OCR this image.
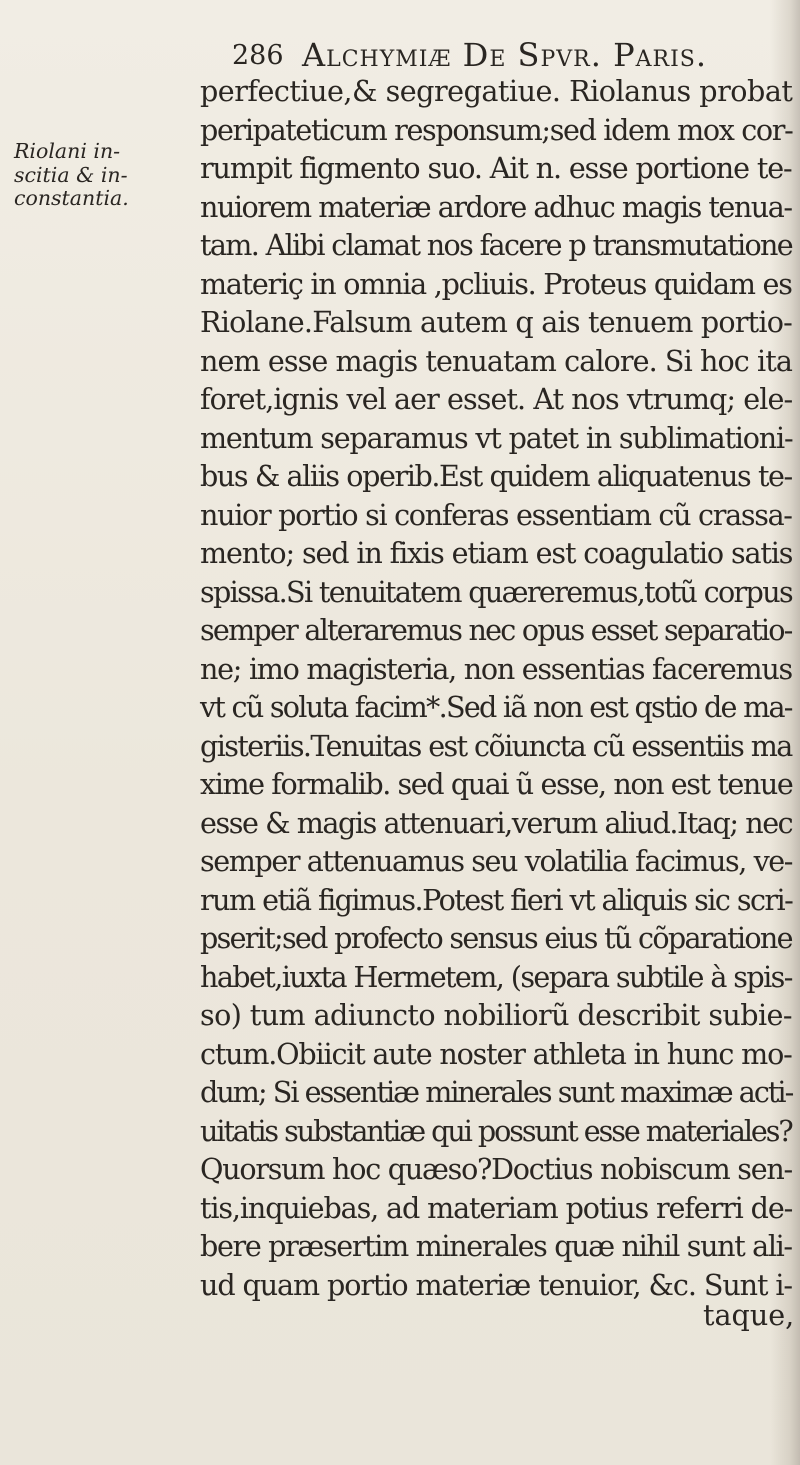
286 Alchymiæ De Spvr. Paris.
Riolani in-
scitia & in-
constantia.
perfectiue,& segregatiue. Riolanus probat
peripateticum responsum;sed idem mox cor-
rumpit figmento suo. Ait n. esse portione te-
nuiorem materiæ ardore adhuc magis tenua-
tam. Alibi clamat nos facere p transmutatione
materiç in omnia ,pcliuis. Proteus quidam es
Riolane.Falsum autem q ais tenuem portio-
nem esse magis tenuatam calore. Si hoc ita
foret,ignis vel aer esset. At nos vtrumq; ele-
mentum separamus vt patet in sublimationi-
bus & aliis operib.Est quidem aliquatenus te-
nuior portio si conferas essentiam cũ crassa-
mento; sed in fixis etiam est coagulatio satis
spissa.Si tenuitatem quæreremus,totũ corpus
semper alteraremus nec opus esset separatio-
ne; imo magisteria, non essentias faceremus
vt cũ soluta facim*.Sed iã non est qstio de ma-
gisteriis.Tenuitas est cõiuncta cũ essentiis ma
xime formalib. sed quai ũ esse, non est tenue
esse & magis attenuari,verum aliud.Itaq; nec
semper attenuamus seu volatilia facimus, ve-
rum etiã figimus.Potest fieri vt aliquis sic scri-
pserit;sed profecto sensus eius tũ cõparatione
habet,iuxta Hermetem, (separa subtile à spis-
so) tum adiuncto nobiliorũ describit subie-
ctum.Obiicit aute noster athleta in hunc mo-
dum; Si essentiæ minerales sunt maximæ acti-
uitatis substantiæ qui possunt esse materiales?
Quorsum hoc quæso?Doctius nobiscum sen-
tis,inquiebas, ad materiam potius referri de-
bere præsertim minerales quæ nihil sunt ali-
ud quam portio materiæ tenuior, &c. Sunt i-
taque,
